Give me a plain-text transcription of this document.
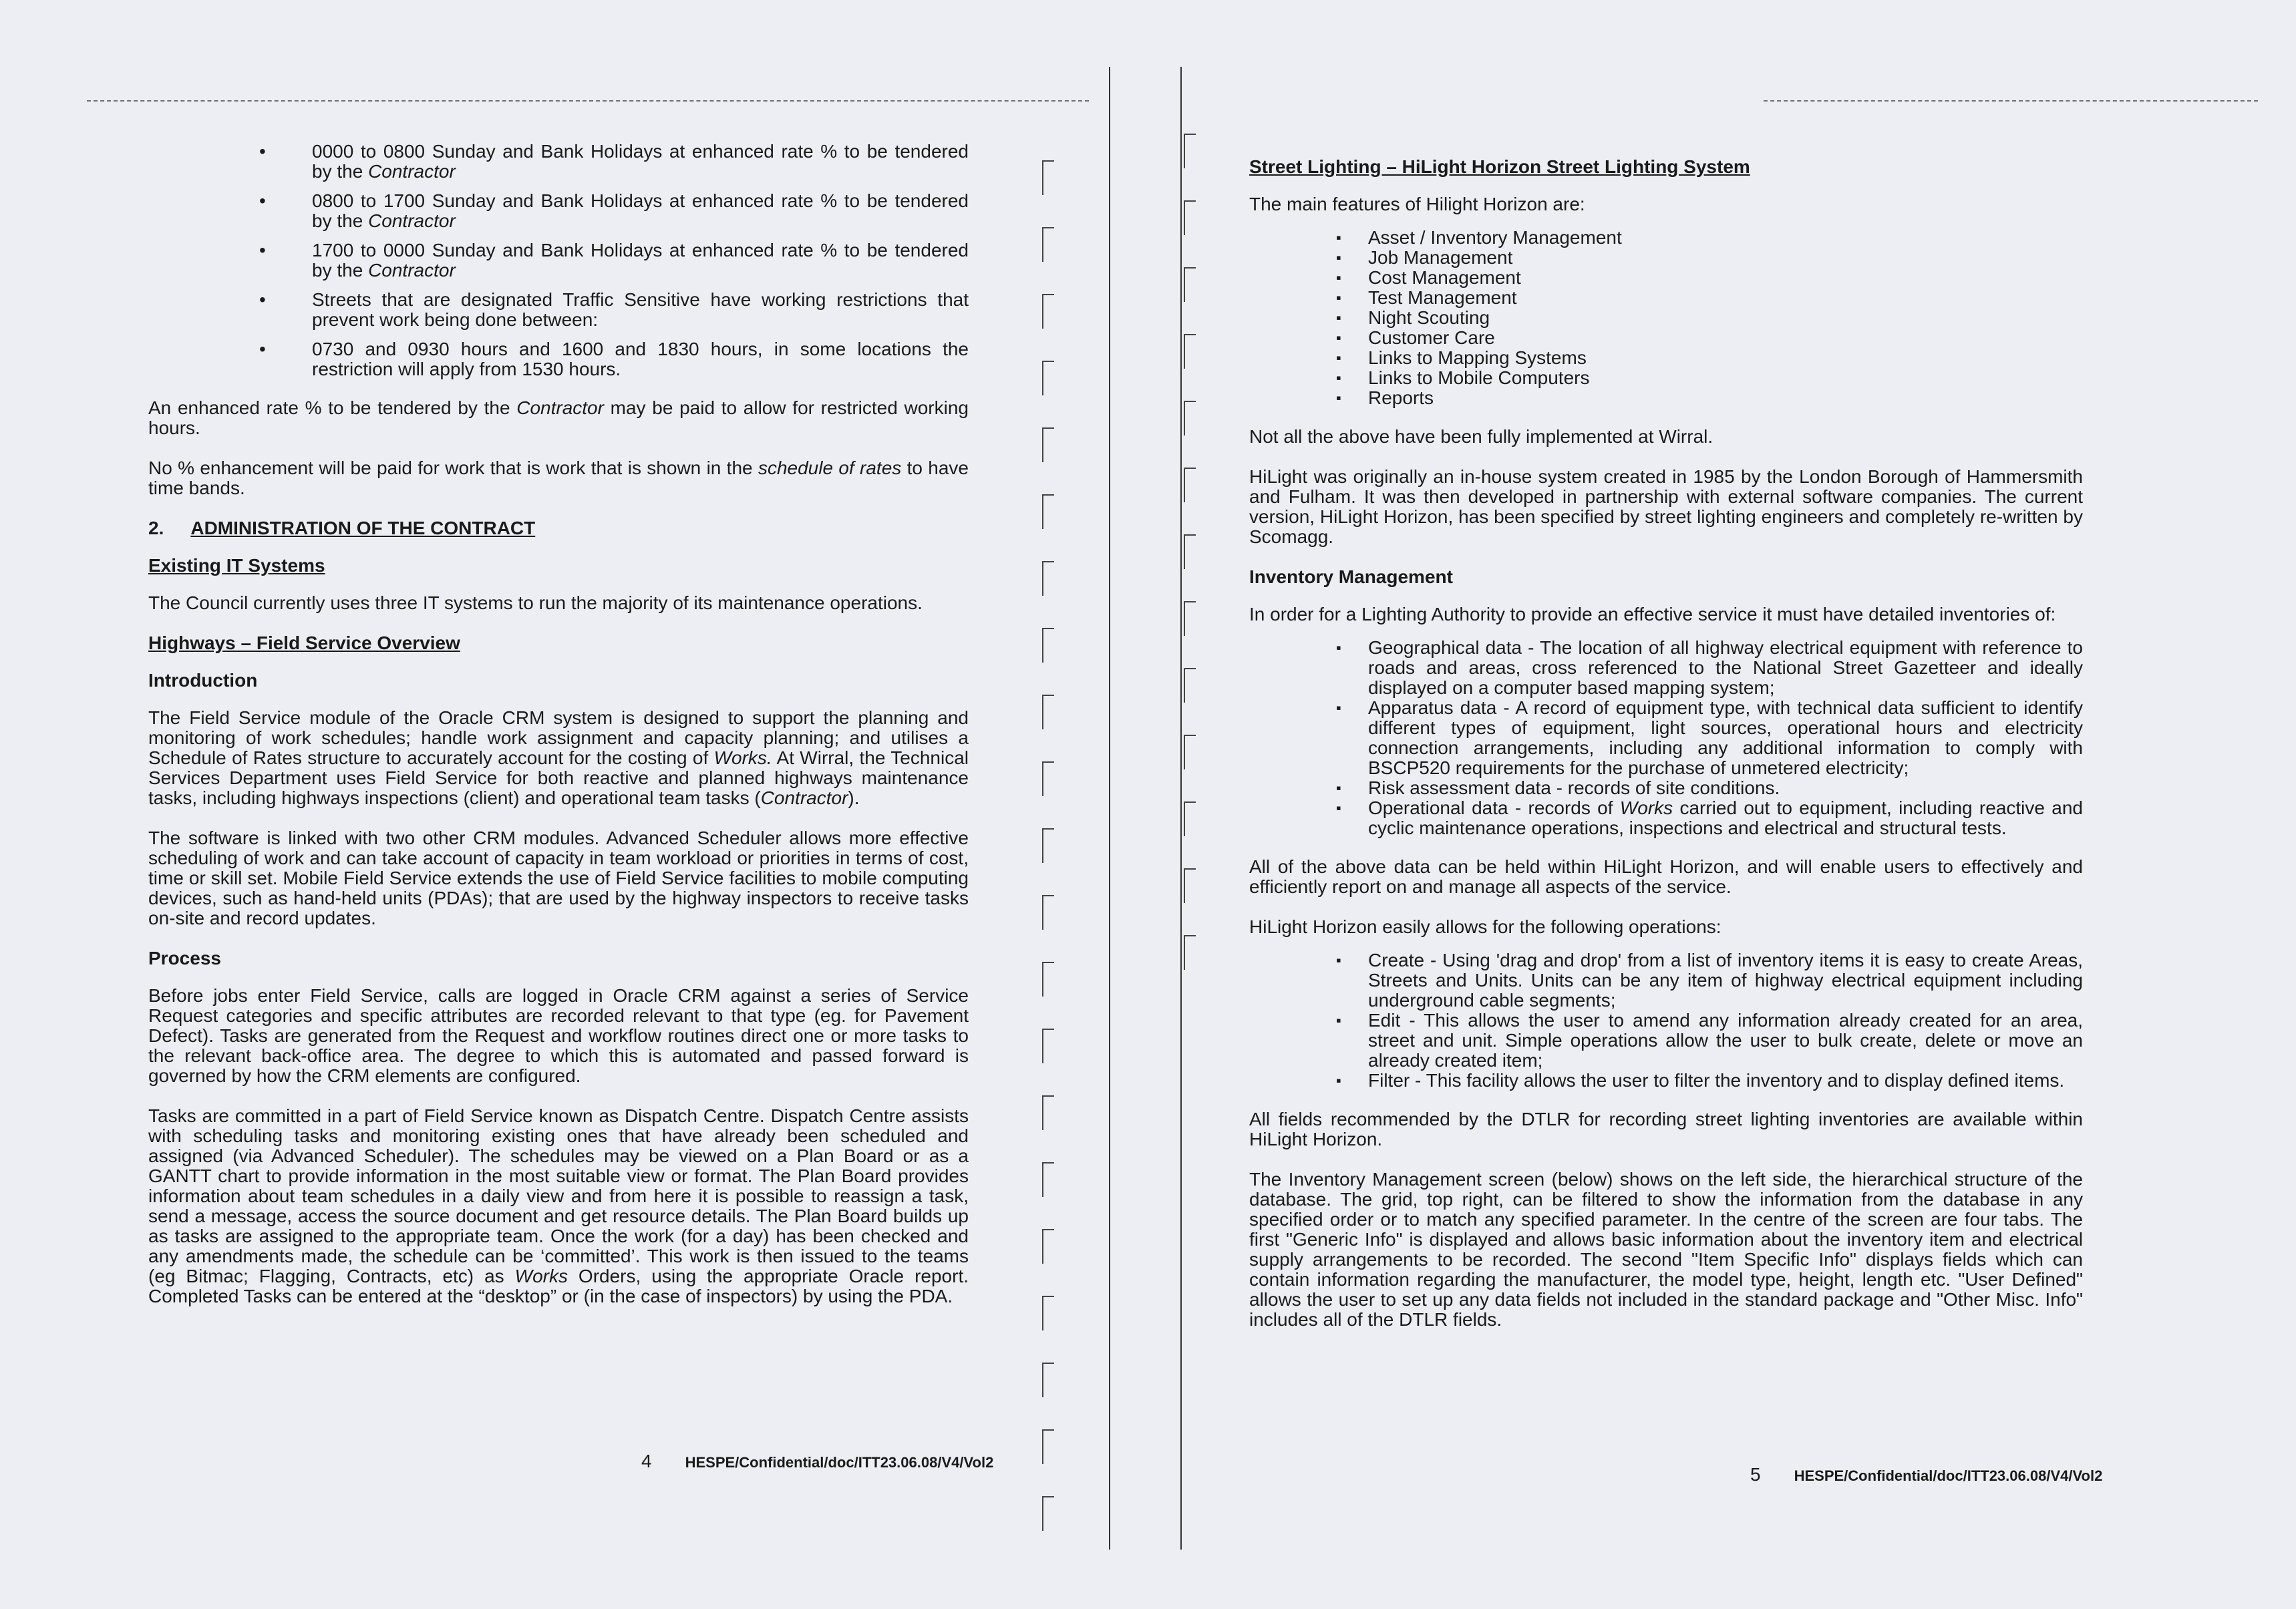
• 0000 to 0800 Sunday and Bank Holidays at enhanced rate % to be tendered by the Contractor
• 0800 to 1700 Sunday and Bank Holidays at enhanced rate % to be tendered by the Contractor
• 1700 to 0000 Sunday and Bank Holidays at enhanced rate % to be tendered by the Contractor
• Streets that are designated Traffic Sensitive have working restrictions that prevent work being done between:
• 0730 and 0930 hours and 1600 and 1830 hours, in some locations the restriction will apply from 1530 hours.

An enhanced rate % to be tendered by the Contractor may be paid to allow for restricted working hours.

No % enhancement will be paid for work that is work that is shown in the schedule of rates to have time bands.

2. ADMINISTRATION OF THE CONTRACT
Existing IT Systems

The Council currently uses three IT systems to run the majority of its maintenance operations.

Highways – Field Service Overview
Introduction

The Field Service module of the Oracle CRM system is designed to support the planning and monitoring of work schedules; handle work assignment and capacity planning; and utilises a Schedule of Rates structure to accurately account for the costing of Works. At Wirral, the Technical Services Department uses Field Service for both reactive and planned highways maintenance tasks, including highways inspections (client) and operational team tasks (Contractor).

The software is linked with two other CRM modules. Advanced Scheduler allows more effective scheduling of work and can take account of capacity in team workload or priorities in terms of cost, time or skill set. Mobile Field Service extends the use of Field Service facilities to mobile computing devices, such as hand-held units (PDAs); that are used by the highway inspectors to receive tasks on-site and record updates.

Process

Before jobs enter Field Service, calls are logged in Oracle CRM against a series of Service Request categories and specific attributes are recorded relevant to that type (eg. for Pavement Defect). Tasks are generated from the Request and workflow routines direct one or more tasks to the relevant back-office area. The degree to which this is automated and passed forward is governed by how the CRM elements are configured.

Tasks are committed in a part of Field Service known as Dispatch Centre. Dispatch Centre assists with scheduling tasks and monitoring existing ones that have already been scheduled and assigned (via Advanced Scheduler). The schedules may be viewed on a Plan Board or as a GANTT chart to provide information in the most suitable view or format. The Plan Board provides information about team schedules in a daily view and from here it is possible to reassign a task, send a message, access the source document and get resource details. The Plan Board builds up as tasks are assigned to the appropriate team. Once the work (for a day) has been checked and any amendments made, the schedule can be ‘committed’. This work is then issued to the teams (eg Bitmac; Flagging, Contracts, etc) as Works Orders, using the appropriate Oracle report. Completed Tasks can be entered at the “desktop” or (in the case of inspectors) by using the PDA.

4 HESPE/Confidential/doc/ITT23.06.08/V4/Vol2
Street Lighting – HiLight Horizon Street Lighting System

The main features of Hilight Horizon are:

▪ Asset / Inventory Management
▪ Job Management
▪ Cost Management
▪ Test Management
▪ Night Scouting
▪ Customer Care
▪ Links to Mapping Systems
▪ Links to Mobile Computers
▪ Reports

Not all the above have been fully implemented at Wirral.

HiLight was originally an in-house system created in 1985 by the London Borough of Hammersmith and Fulham. It was then developed in partnership with external software companies. The current version, HiLight Horizon, has been specified by street lighting engineers and completely re-written by Scomagg.

Inventory Management

In order for a Lighting Authority to provide an effective service it must have detailed inventories of:

▪ Geographical data - The location of all highway electrical equipment with reference to roads and areas, cross referenced to the National Street Gazetteer and ideally displayed on a computer based mapping system;
▪ Apparatus data - A record of equipment type, with technical data sufficient to identify different types of equipment, light sources, operational hours and electricity connection arrangements, including any additional information to comply with BSCP520 requirements for the purchase of unmetered electricity;
▪ Risk assessment data - records of site conditions.
▪ Operational data - records of Works carried out to equipment, including reactive and cyclic maintenance operations, inspections and electrical and structural tests.

All of the above data can be held within HiLight Horizon, and will enable users to effectively and efficiently report on and manage all aspects of the service.

HiLight Horizon easily allows for the following operations:

▪ Create - Using 'drag and drop' from a list of inventory items it is easy to create Areas, Streets and Units. Units can be any item of highway electrical equipment including underground cable segments;
▪ Edit - This allows the user to amend any information already created for an area, street and unit. Simple operations allow the user to bulk create, delete or move an already created item;
▪ Filter - This facility allows the user to filter the inventory and to display defined items.

All fields recommended by the DTLR for recording street lighting inventories are available within HiLight Horizon.

The Inventory Management screen (below) shows on the left side, the hierarchical structure of the database. The grid, top right, can be filtered to show the information from the database in any specified order or to match any specified parameter. In the centre of the screen are four tabs. The first "Generic Info" is displayed and allows basic information about the inventory item and electrical supply arrangements to be recorded. The second "Item Specific Info" displays fields which can contain information regarding the manufacturer, the model type, height, length etc. "User Defined" allows the user to set up any data fields not included in the standard package and "Other Misc. Info" includes all of the DTLR fields.

5 HESPE/Confidential/doc/ITT23.06.08/V4/Vol2
